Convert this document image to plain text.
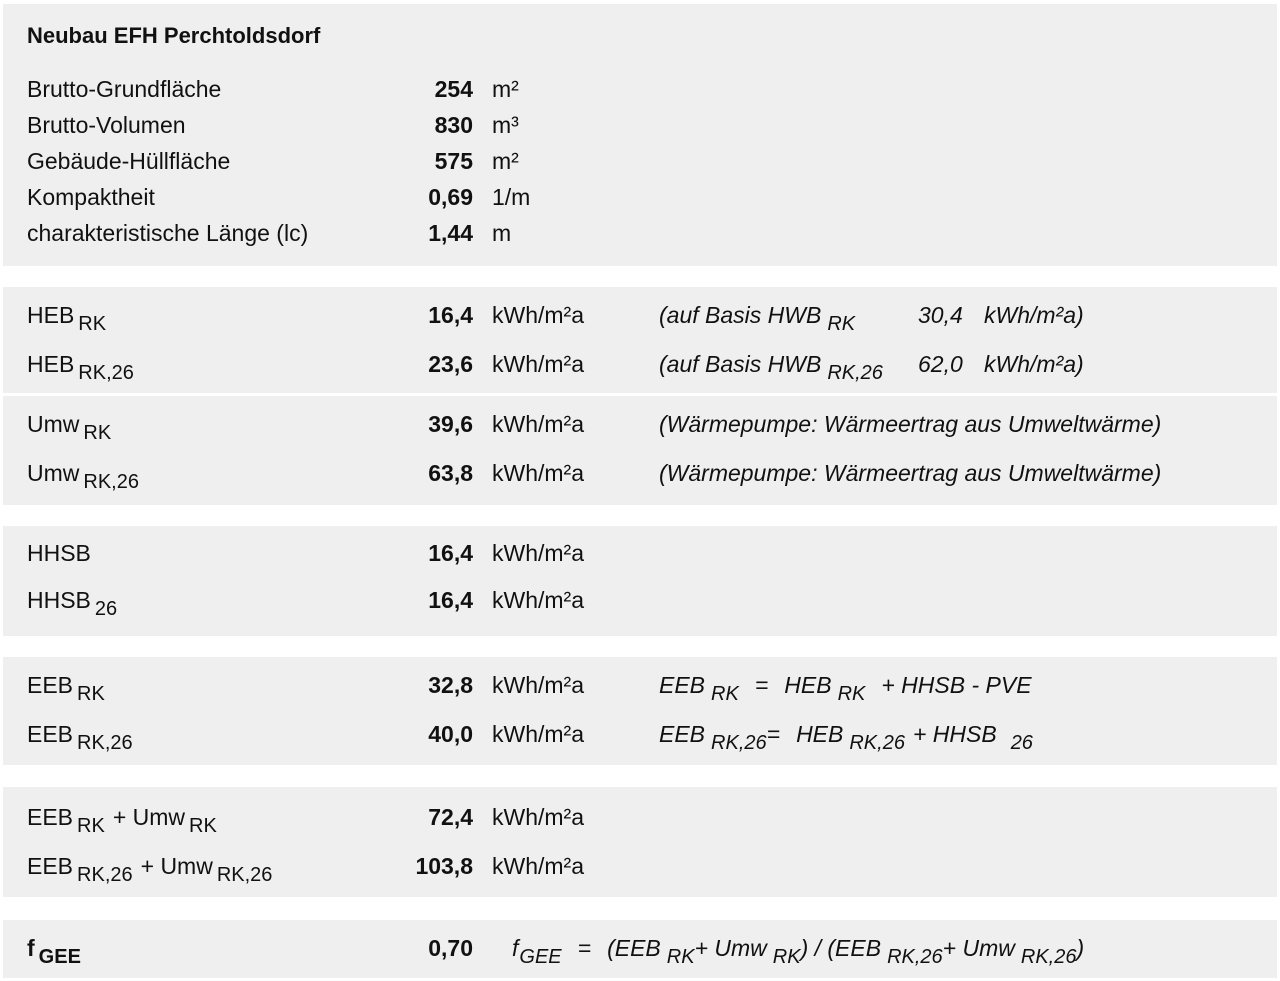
Neubau EFH Perchtoldsdorf
Brutto-Grundfläche	254 m²
Brutto-Volumen	830 m³
Gebäude-Hüllfläche	575 m²
Kompaktheit	0,69 1/m
charakteristische Länge (lc)	1,44 m
HEB $_{RK}$	16,4 kWh/m²a	(auf Basis HWB $_{RK}$	30,4 kWh/m²a)
HEB $_{RK,26}$	23,6 kWh/m²a	(auf Basis HWB $_{RK,26}$ 62,0 kWh/m²a)
Umw $_{RK}$	39,6 kWh/m²a	(Wärmepumpe: Wärmeertrag aus Umweltwärme)
Umw $_{RK,26}$	63,8 kWh/m²a	(Wärmepumpe: Wärmeertrag aus Umweltwärme)
HHSB	16,4 kWh/m²a
HHSB $_{26}$	16,4 kWh/m²a
EEB $_{RK}$	32,8 kWh/m²a	EEB $_{RK}$ = HEB $_{RK}$ + HHSB - PVE
EEB $_{RK,26}$	40,0 kWh/m²a	EEB $_{RK,26}$= HEB $_{RK,26}$ + HHSB $_{26}$
EEB $_{RK}$ + Umw $_{RK}$	72,4 kWh/m²a
EEB $_{RK,26}$ + Umw $_{RK,26}$	103,8 kWh/m²a
f $_{GEE}$	0,70 $f_{GEE} = (EEB$ $_{RK}$+ Umw $_{RK}$) / (EEB $_{RK,26}$+ Umw $_{RK,26}$)
